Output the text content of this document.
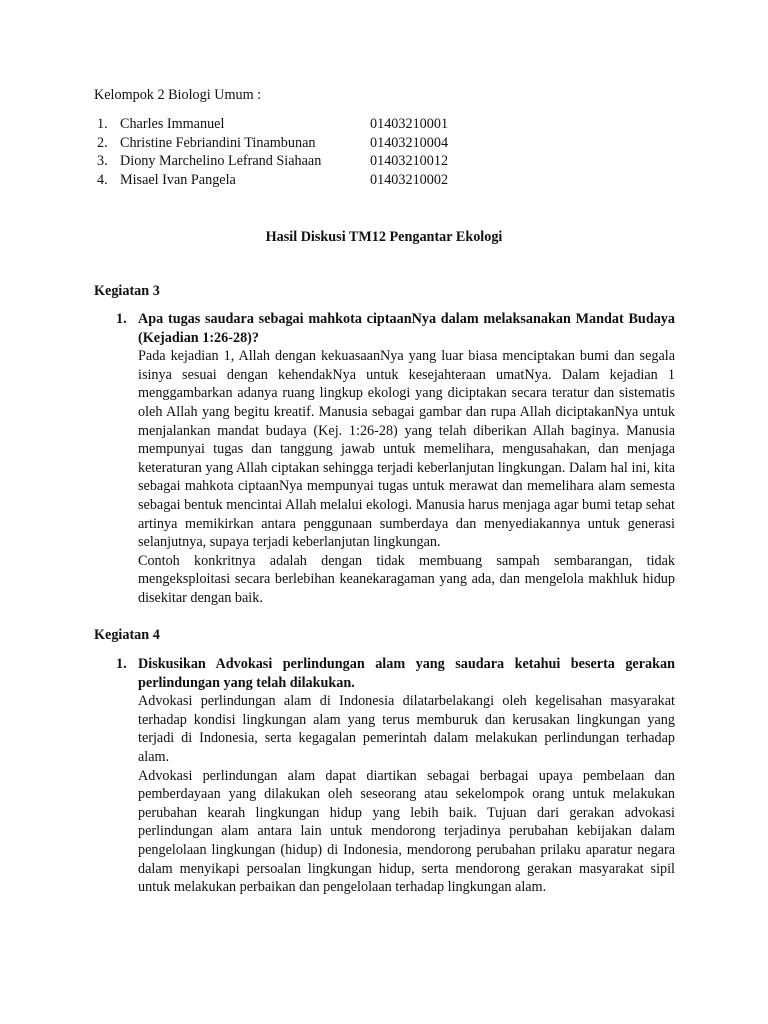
Kelompok 2 Biologi Umum :
1. Charles Immanuel	01403210001
2. Christine Febriandini Tinambunan	01403210004
3. Diony Marchelino Lefrand Siahaan	01403210012
4. Misael Ivan Pangela	01403210002
Hasil Diskusi TM12 Pengantar Ekologi
Kegiatan 3
1. Apa tugas saudara sebagai mahkota ciptaanNya dalam melaksanakan Mandat Budaya (Kejadian 1:26-28)?

Pada kejadian 1, Allah dengan kekuasaanNya yang luar biasa menciptakan bumi dan segala isinya sesuai dengan kehendakNya untuk kesejahteraan umatNya. Dalam kejadian 1 menggambarkan adanya ruang lingkup ekologi yang diciptakan secara teratur dan sistematis oleh Allah yang begitu kreatif. Manusia sebagai gambar dan rupa Allah diciptakanNya untuk menjalankan mandat budaya (Kej. 1:26-28) yang telah diberikan Allah baginya. Manusia mempunyai tugas dan tanggung jawab untuk memelihara, mengusahakan, dan menjaga keteraturan yang Allah ciptakan sehingga terjadi keberlanjutan lingkungan. Dalam hal ini, kita sebagai mahkota ciptaanNya mempunyai tugas untuk merawat dan memelihara alam semesta sebagai bentuk mencintai Allah melalui ekologi. Manusia harus menjaga agar bumi tetap sehat artinya memikirkan antara penggunaan sumberdaya dan menyediakannya untuk generasi selanjutnya, supaya terjadi keberlanjutan lingkungan.

Contoh konkritnya adalah dengan tidak membuang sampah sembarangan, tidak mengeksploitasi secara berlebihan keanekaragaman yang ada, dan mengelola makhluk hidup disekitar dengan baik.

Kegiatan 4
1. Diskusikan Advokasi perlindungan alam yang saudara ketahui beserta gerakan perlindungan yang telah dilakukan.

Advokasi perlindungan alam di Indonesia dilatarbelakangi oleh kegelisahan masyarakat terhadap kondisi lingkungan alam yang terus memburuk dan kerusakan lingkungan yang terjadi di Indonesia, serta kegagalan pemerintah dalam melakukan perlindungan terhadap alam.

Advokasi perlindungan alam dapat diartikan sebagai berbagai upaya pembelaan dan pemberdayaan yang dilakukan oleh seseorang atau sekelompok orang untuk melakukan perubahan kearah lingkungan hidup yang lebih baik. Tujuan dari gerakan advokasi perlindungan alam antara lain untuk mendorong terjadinya perubahan kebijakan dalam pengelolaan lingkungan (hidup) di Indonesia, mendorong perubahan prilaku aparatur negara dalam menyikapi persoalan lingkungan hidup, serta mendorong gerakan masyarakat sipil untuk melakukan perbaikan dan pengelolaan terhadap lingkungan alam.
